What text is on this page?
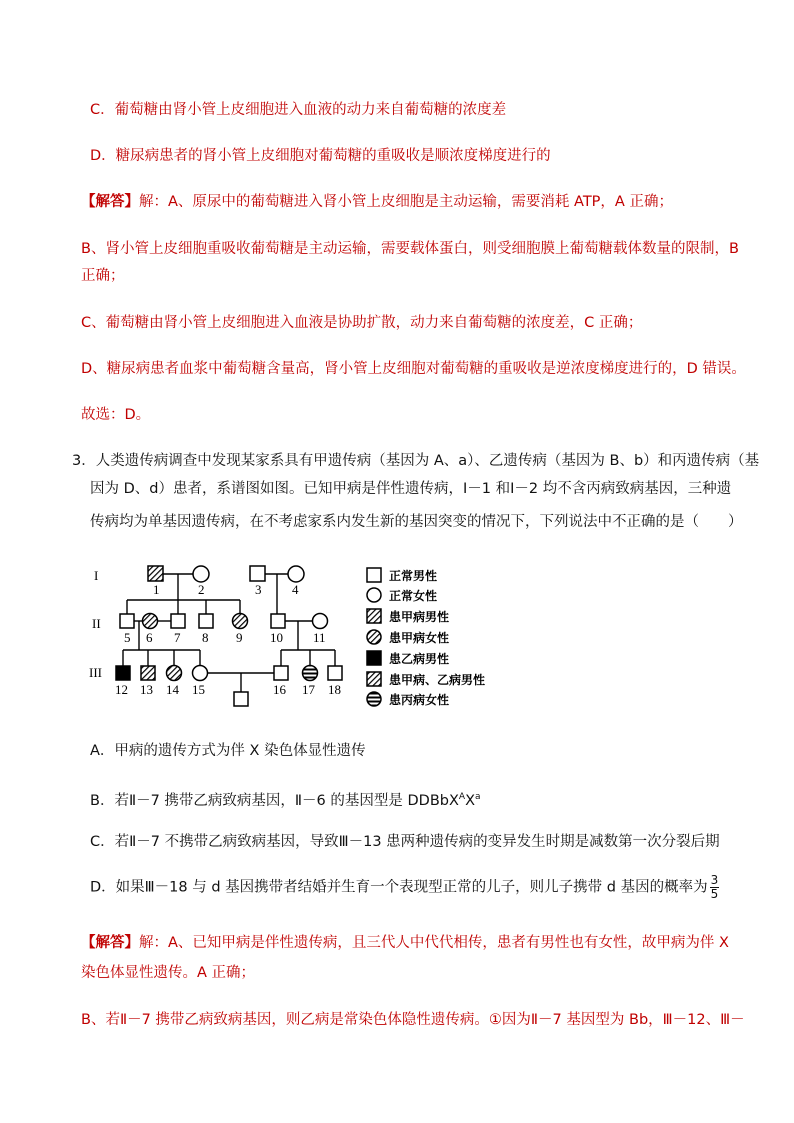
C．葡萄糖由肾小管上皮细胞进入血液的动力来自葡萄糖的浓度差
D．糖尿病患者的肾小管上皮细胞对葡萄糖的重吸收是顺浓度梯度进行的
【解答】解：A、原尿中的葡萄糖进入肾小管上皮细胞是主动运输，需要消耗 ATP，A 正确；
B、肾小管上皮细胞重吸收葡萄糖是主动运输，需要载体蛋白，则受细胞膜上葡萄糖载体数量的限制，B
正确；
C、葡萄糖由肾小管上皮细胞进入血液是协助扩散，动力来自葡萄糖的浓度差，C 正确；
D、糖尿病患者血浆中葡萄糖含量高，肾小管上皮细胞对葡萄糖的重吸收是逆浓度梯度进行的，D 错误。
故选：D。
3．人类遗传病调查中发现某家系具有甲遗传病（基因为 A、a）、乙遗传病（基因为 B、b）和丙遗传病（基
因为 D、d）患者，系谱图如图。已知甲病是伴性遗传病，Ⅰ－1 和Ⅰ－2 均不含丙病致病基因，三种遗
传病均为单基因遗传病，在不考虑家系内发生新的基因突变的情况下，下列说法中不正确的是（　　）
I
II
III
1	2	3 4
5 6 7 8 9 10 11
12 13 14 15	16 17 18
正常男性
正常女性
患甲病男性
患甲病女性
患乙病男性
患甲病、乙病男性
患丙病女性
A．甲病的遗传方式为伴 X 染色体显性遗传
B．若Ⅱ－7 携带乙病致病基因，Ⅱ－6 的基因型是 $DDBbX^AX^a$
C．若Ⅱ－7 不携带乙病致病基因，导致Ⅲ－13 患两种遗传病的变异发生时期是减数第一次分裂后期
D．如果Ⅲ－18 与 d 基因携带者结婚并生育一个表现型正常的儿子，则儿子携带 d 基因的概率为 $\frac{3}{5}$
【解答】解：A、已知甲病是伴性遗传病，且三代人中代代相传，患者有男性也有女性，故甲病为伴 X
染色体显性遗传。A 正确；
B、若Ⅱ－7 携带乙病致病基因，则乙病是常染色体隐性遗传病。①因为Ⅱ－7 基因型为 Bb，Ⅲ－12、Ⅲ－
